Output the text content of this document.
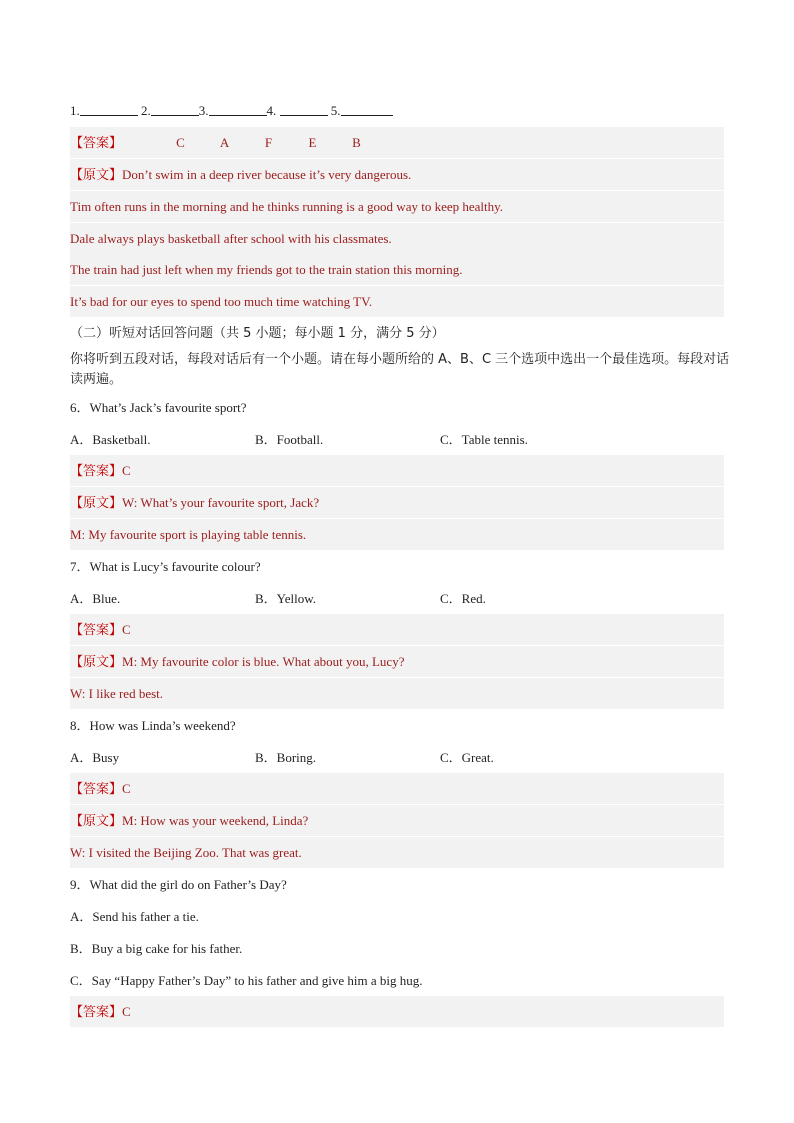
1.	2.	3.	4.	5.
【答案】	C	A	F	E	B
【原文】Don’t swim in a deep river because it’s very dangerous.
Tim often runs in the morning and he thinks running is a good way to keep healthy.
Dale always plays basketball after school with his classmates.
The train had just left when my friends got to the train station this morning.
It’s bad for our eyes to spend too much time watching TV.
（二）听短对话回答问题（共 5 小题；每小题 1 分，满分 5 分）
你将听到五段对话，每段对话后有一个小题。请在每小题所给的 A、B、C 三个选项中选出一个最佳选项。每段对话读两遍。
6．What’s Jack’s favourite sport?
A．Basketball.	B．Football.	C．Table tennis.
【答案】C
【原文】W: What’s your favourite sport, Jack?
M: My favourite sport is playing table tennis.
7．What is Lucy’s favourite colour?
A．Blue.	B．Yellow.	C．Red.
【答案】C
【原文】M: My favourite color is blue. What about you, Lucy?
W: I like red best.
8．How was Linda’s weekend?
A．Busy	B．Boring.	C．Great.
【答案】C
【原文】M: How was your weekend, Linda?
W: I visited the Beijing Zoo. That was great.
9．What did the girl do on Father’s Day?
A．Send his father a tie.
B．Buy a big cake for his father.
C．Say “Happy Father’s Day” to his father and give him a big hug.
【答案】C
